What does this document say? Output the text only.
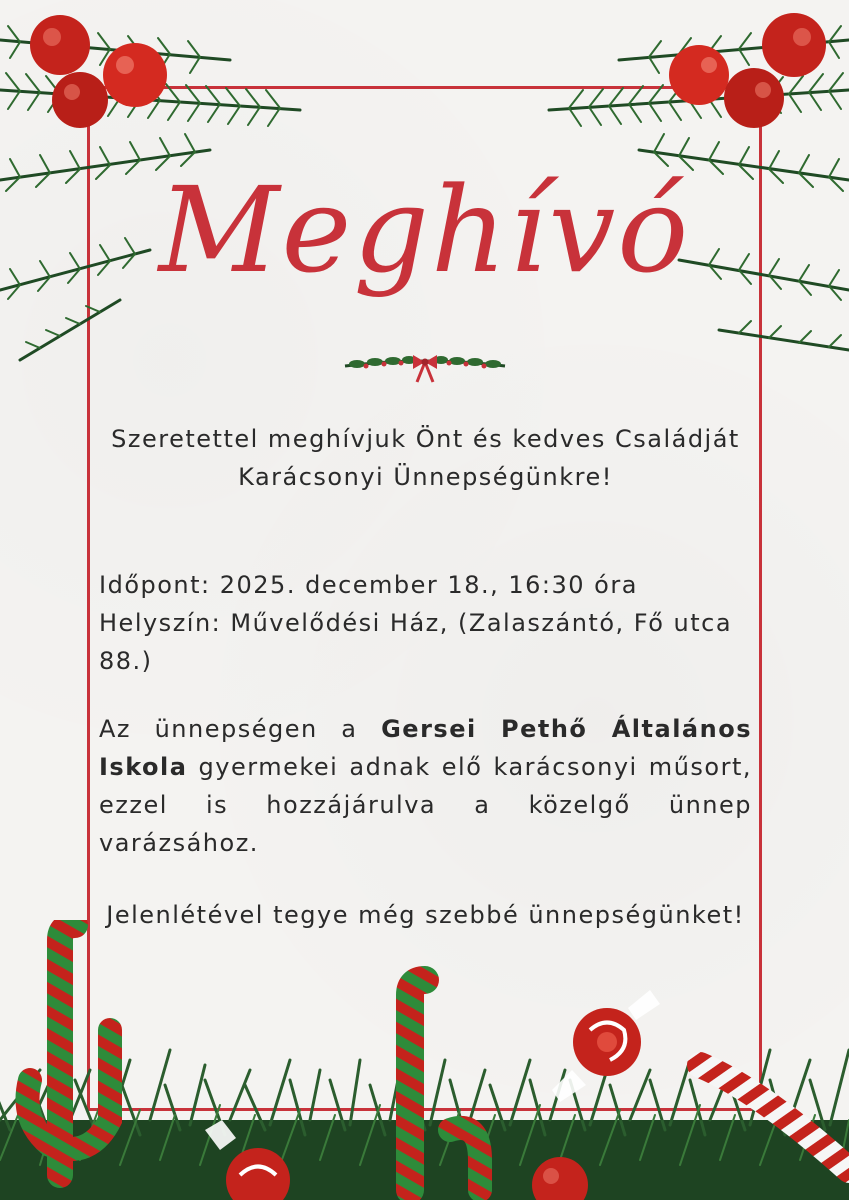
Meghívó
Szeretettel meghívjuk Önt és kedves Családját
Karácsonyi Ünnepségünkre!
Időpont: 2025. december 18., 16:30 óra
Helyszín: Művelődési Ház, (Zalaszántó, Fő utca 88.)
Az ünnepségen a Gersei Pethő Általános Iskola gyermekei adnak elő karácsonyi műsort, ezzel is hozzájárulva a közelgő ünnep varázsához.
Jelenlétével tegye még szebbé ünnepségünket!
